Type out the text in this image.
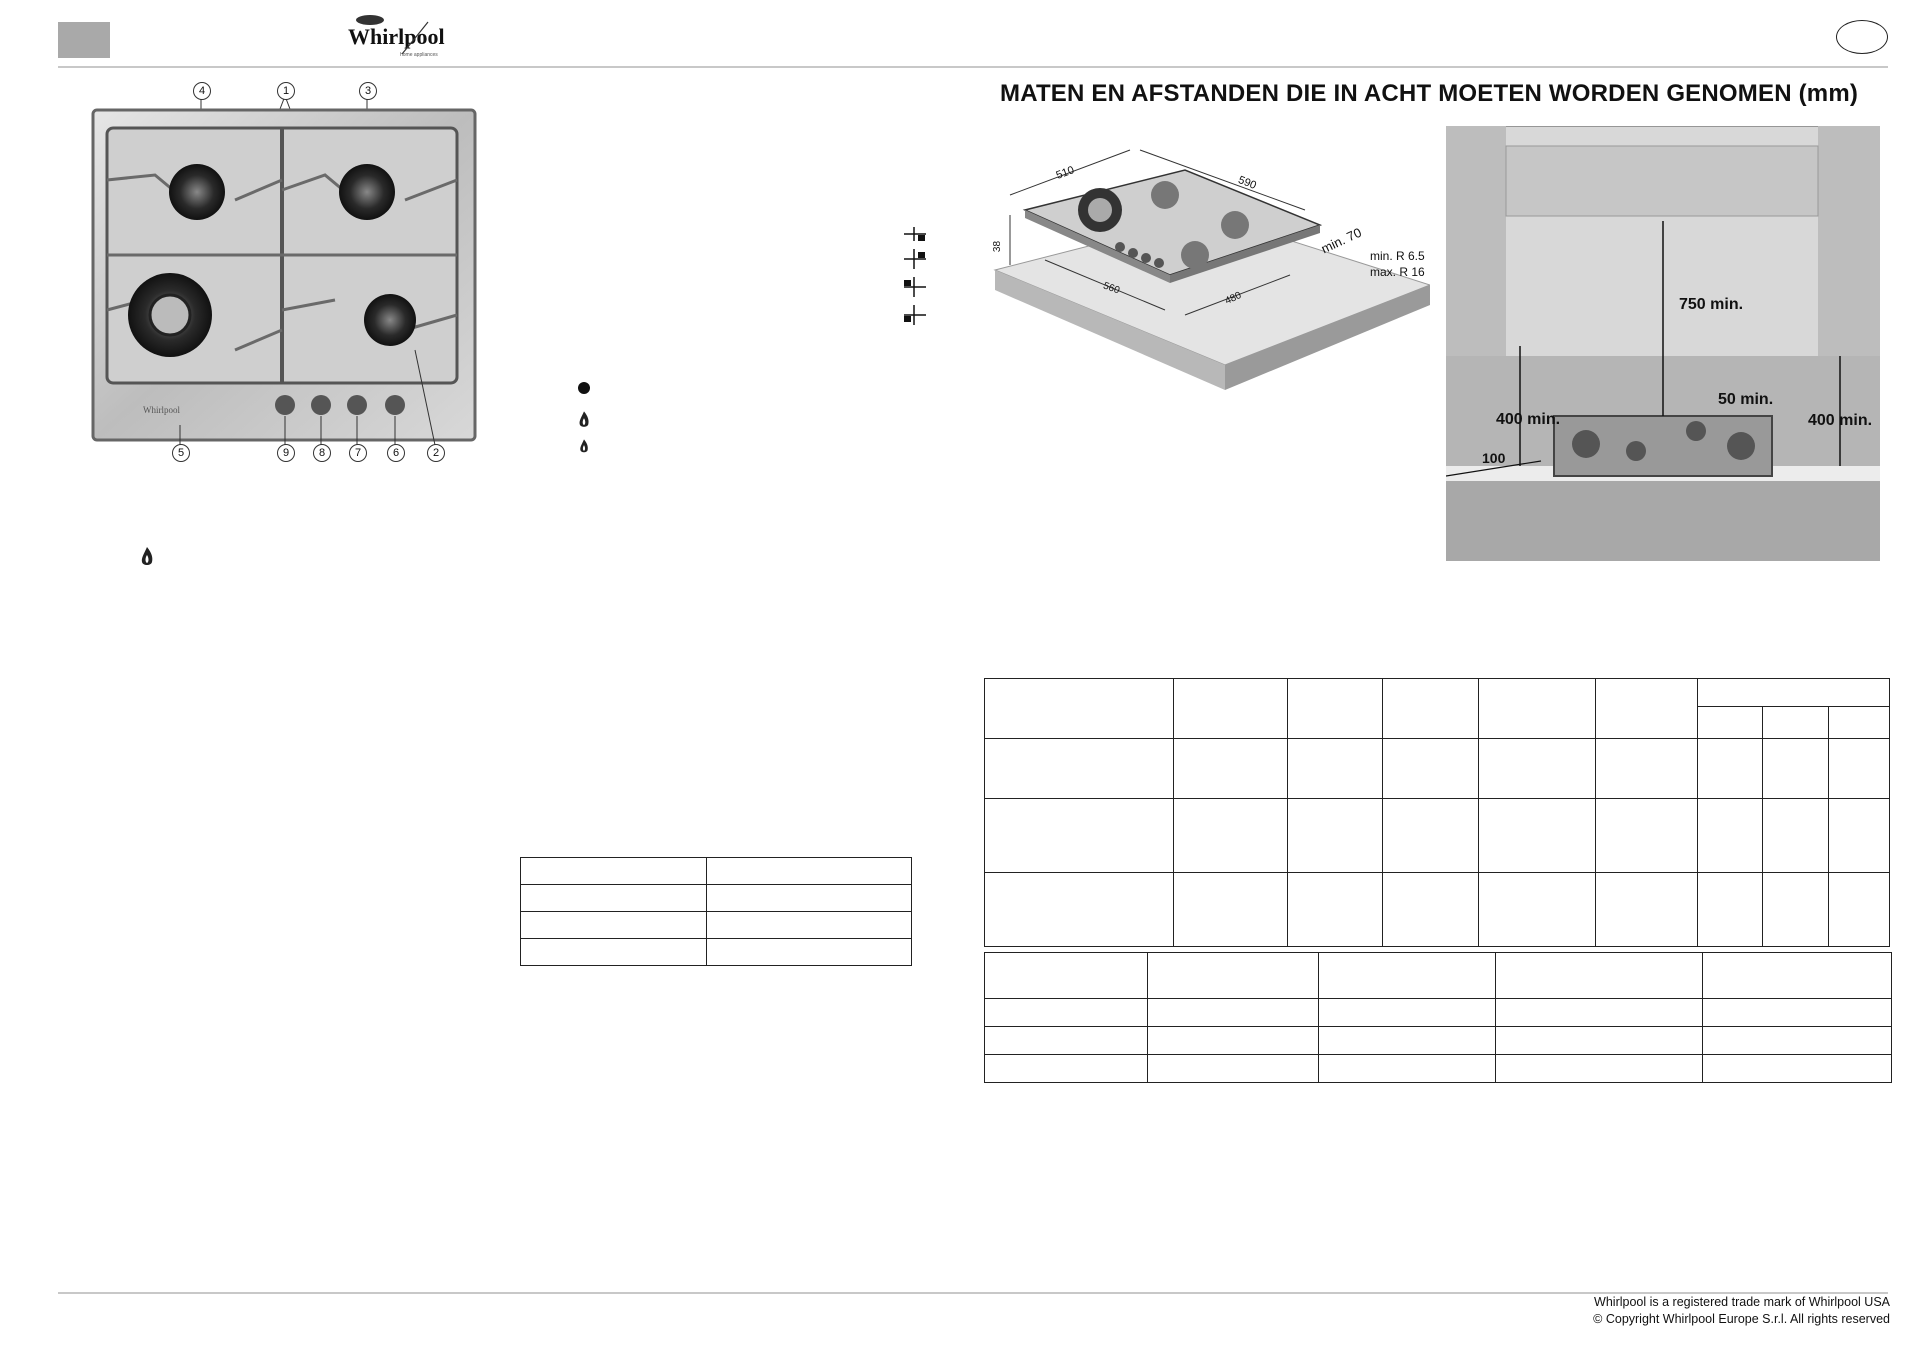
Whirlpool
home appliances
Whirlpool
4	1	3
5	9	8	7	6	2

MATEN EN AFSTANDEN DIE IN ACHT MOETEN WORDEN GENOMEN (mm)
510
590
38	min. 70 min. R 6.5
max. R 16
560
480	750 min.
50 min.
400 min.	400 min.
100

Whirlpool is a registered trade mark of Whirlpool USA
© Copyright Whirlpool Europe S.r.l. All rights reserved
